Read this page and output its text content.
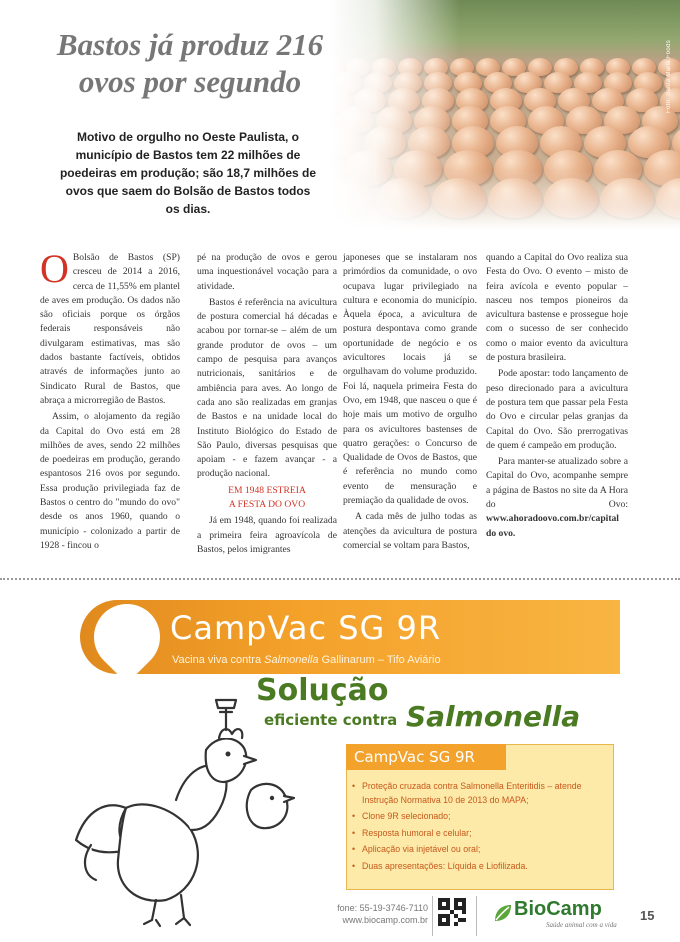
Foto: Santa Maria Foods
Bastos já produz 216
ovos por segundo

Motivo de orgulho no Oeste Paulista, o município de Bastos tem 22 milhões de poedeiras em produção; são 18,7 milhões de ovos que saem do Bolsão de Bastos todos os dias.

O Bolsão de Bastos (SP) cresceu de 2014 a 2016, cerca de 11,55% em plantel de aves em produção. Os dados não são oficiais porque os órgãos federais responsáveis não divulgaram estimativas, mas são dados bastante factíveis, obtidos através de informações junto ao Sindicato Rural de Bastos, que abraça a microrregião de Bastos.

Assim, o alojamento da região da Capital do Ovo está em 28 milhões de aves, sendo 22 milhões de poedeiras em produção, gerando espantosos 216 ovos por segundo. Essa produção privilegiada faz de Bastos o centro do "mundo do ovo" desde os anos 1960, quando o município - colonizado a partir de 1928 - fincou o

pé na produção de ovos e gerou uma inquestionável vocação para a atividade.

Bastos é referência na avicultura de postura comercial há décadas e acabou por tornar-se – além de um grande produtor de ovos – um campo de pesquisa para avanços nutricionais, sanitários e de ambiência para aves. Ao longo de cada ano são realizadas em granjas de Bastos e na unidade local do Instituto Biológico do Estado de São Paulo, diversas pesquisas que apoiam - e fazem avançar - a produção nacional.

EM 1948 ESTREIA
A FESTA DO OVO

Já em 1948, quando foi realizada a primeira feira agroavícola de Bastos, pelos imigrantes

japoneses que se instalaram nos primórdios da comunidade, o ovo ocupava lugar privilegiado na cultura e economia do município. Àquela época, a avicultura de postura despontava como grande oportunidade de negócio e os avicultores locais já se orgulhavam do volume produzido. Foi lá, naquela primeira Festa do Ovo, em 1948, que nasceu o que é hoje mais um motivo de orgulho para os avicultores bastenses de quatro gerações: o Concurso de Qualidade de Ovos de Bastos, que é referência no mundo como evento de mensuração e premiação da qualidade de ovos.

A cada mês de julho todas as atenções da avicultura de postura comercial se voltam para Bastos,

quando a Capital do Ovo realiza sua Festa do Ovo. O evento – misto de feira avícola e evento popular – nasceu nos tempos pioneiros da avicultura bastense e prossegue hoje com o sucesso de ser conhecido como o maior evento da avicultura de postura brasileira.

Pode apostar: todo lançamento de peso direcionado para a avicultura de postura tem que passar pela Festa do Ovo e circular pelas granjas da Capital do Ovo. São prerrogativas de quem é campeão em produção.

Para manter-se atualizado sobre a Capital do Ovo, acompanhe sempre a página de Bastos no site da A Hora do Ovo: www.ahoradoovo.com.br/capital do ovo.

CampVac SG 9R
Vacina viva contra Salmonella Gallinarum – Tifo Aviário
Solução
eficiente contra Salmonella
CampVac SG 9R
• Proteção cruzada contra Salmonella Enteritidis – atende Instrução Normativa 10 de 2013 do MAPA;
• Clone 9R selecionado;
• Resposta humoral e celular;
• Aplicação via injetável ou oral;
• Duas apresentações: Líquida e Liofilizada.
fone: 55-19-3746-7110
www.biocamp.com.br	BioCamp
Saúde animal com a vida
15
